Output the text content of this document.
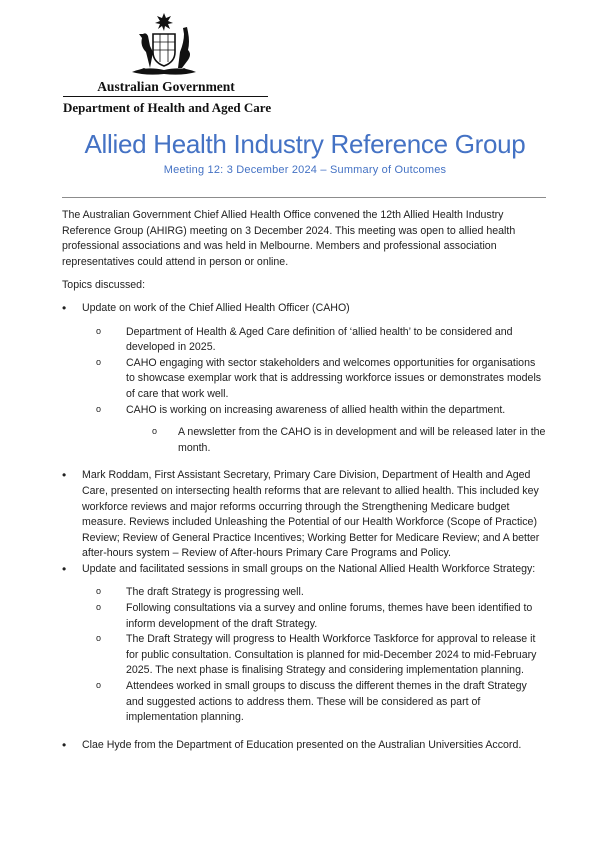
Australian Government
Department of Health and Aged Care
Allied Health Industry Reference Group
Meeting 12: 3 December 2024 – Summary of Outcomes

The Australian Government Chief Allied Health Office convened the 12th Allied Health Industry Reference Group (AHIRG) meeting on 3 December 2024. This meeting was open to allied health professional associations and was held in Melbourne. Members and professional association representatives could attend in person or online.

Topics discussed:

• Update on work of the Chief Allied Health Officer (CAHO)
o Department of Health & Aged Care definition of ‘allied health’ to be considered and developed in 2025.
o CAHO engaging with sector stakeholders and welcomes opportunities for organisations to showcase exemplar work that is addressing workforce issues or demonstrates models of care that work well.
o CAHO is working on increasing awareness of allied health within the department.
o A newsletter from the CAHO is in development and will be released later in the month.
• Mark Roddam, First Assistant Secretary, Primary Care Division, Department of Health and Aged Care, presented on intersecting health reforms that are relevant to allied health. This included key workforce reviews and major reforms occurring through the Strengthening Medicare budget measure. Reviews included Unleashing the Potential of our Health Workforce (Scope of Practice) Review; Review of General Practice Incentives; Working Better for Medicare Review; and A better after-hours system – Review of After-hours Primary Care Programs and Policy.
• Update and facilitated sessions in small groups on the National Allied Health Workforce Strategy:
o The draft Strategy is progressing well.
o Following consultations via a survey and online forums, themes have been identified to inform development of the draft Strategy.
o The Draft Strategy will progress to Health Workforce Taskforce for approval to release it for public consultation. Consultation is planned for mid-December 2024 to mid-February 2025. The next phase is finalising Strategy and considering implementation planning.
o Attendees worked in small groups to discuss the different themes in the draft Strategy and suggested actions to address them. These will be considered as part of implementation planning.
• Clae Hyde from the Department of Education presented on the Australian Universities Accord.
